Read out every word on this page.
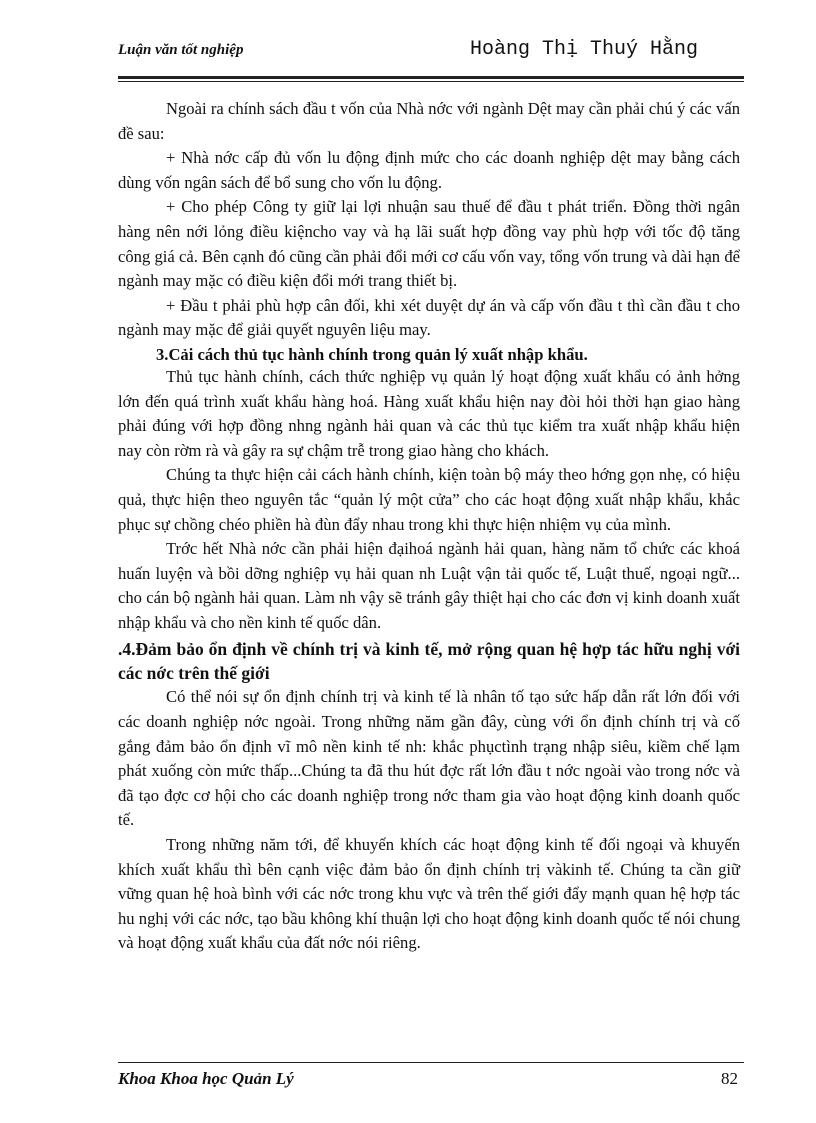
Luận văn tốt nghiệp	Hoàng Thị Thuý Hằng

Ngoài ra chính sách đầu t vốn của Nhà nớc với ngành Dệt may cần phải chú ý các vấn đề sau:

+ Nhà nớc cấp đủ vốn lu động định mức cho các doanh nghiệp dệt may bằng cách dùng vốn ngân sách để bổ sung cho vốn lu động.

+ Cho phép Công ty giữ lại lợi nhuận sau thuế để đầu t phát triển. Đồng thời ngân hàng nên nới lỏng điều kiệncho vay và hạ lãi suất hợp đồng vay phù hợp với tốc độ tăng công giá cả. Bên cạnh đó cũng cần phải đổi mới cơ cấu vốn vay, tổng vốn trung và dài hạn để ngành may mặc có điều kiện đổi mới trang thiết bị.

+ Đầu t phải phù hợp cân đối, khi xét duyệt dự án và cấp vốn đầu t thì cần đầu t cho ngành may mặc để giải quyết nguyên liệu may.

3.Cải cách thủ tục hành chính trong quản lý xuất nhập khẩu.

Thủ tục hành chính, cách thức nghiệp vụ quản lý hoạt động xuất khẩu có ảnh hởng lớn đến quá trình xuất khẩu hàng hoá. Hàng xuất khẩu hiện nay đòi hỏi thời hạn giao hàng phải đúng với hợp đồng nhng ngành hải quan và các thủ tục kiểm tra xuất nhập khẩu hiện nay còn rờm rà và gây ra sự chậm trễ trong giao hàng cho khách.

Chúng ta thực hiện cải cách hành chính, kiện toàn bộ máy theo hớng gọn nhẹ, có hiệu quả, thực hiện theo nguyên tắc “quản lý một cửa” cho các hoạt động xuất nhập khẩu, khắc phục sự chồng chéo phiền hà đùn đẩy nhau trong khi thực hiện nhiệm vụ của mình.

Trớc hết Nhà nớc cần phải hiện đạihoá ngành hải quan, hàng năm tổ chức các khoá huấn luyện và bồi dỡng nghiệp vụ hải quan nh Luật vận tải quốc tế, Luật thuế, ngoại ngữ... cho cán bộ ngành hải quan. Làm nh vậy sẽ tránh gây thiệt hại cho các đơn vị kinh doanh xuất nhập khẩu và cho nền kinh tế quốc dân.

.4.Đảm bảo ổn định về chính trị và kinh tế, mở rộng quan hệ hợp tác hữu nghị với các nớc trên thế giới

Có thể nói sự ổn định chính trị và kinh tế là nhân tố tạo sức hấp dẫn rất lớn đối với các doanh nghiệp nớc ngoài. Trong những năm gần đây, cùng với ổn định chính trị và cố gắng đảm bảo ổn định vĩ mô nền kinh tế nh: khắc phụctình trạng nhập siêu, kiềm chế lạm phát xuống còn mức thấp...Chúng ta đã thu hút đợc rất lớn đầu t nớc ngoài vào trong nớc và đã tạo đợc cơ hội cho các doanh nghiệp trong nớc tham gia vào hoạt động kinh doanh quốc tế.

Trong những năm tới, để khuyến khích các hoạt động kinh tế đối ngoại và khuyến khích xuất khẩu thì bên cạnh việc đảm bảo ổn định chính trị vàkinh tế. Chúng ta cần giữ vững quan hệ hoà bình với các nớc trong khu vực và trên thế giới đẩy mạnh quan hệ hợp tác hu nghị với các nớc, tạo bầu không khí thuận lợi cho hoạt động kinh doanh quốc tế nói chung và hoạt động xuất khẩu của đất nớc nói riêng.

Khoa Khoa học Quản Lý	82
